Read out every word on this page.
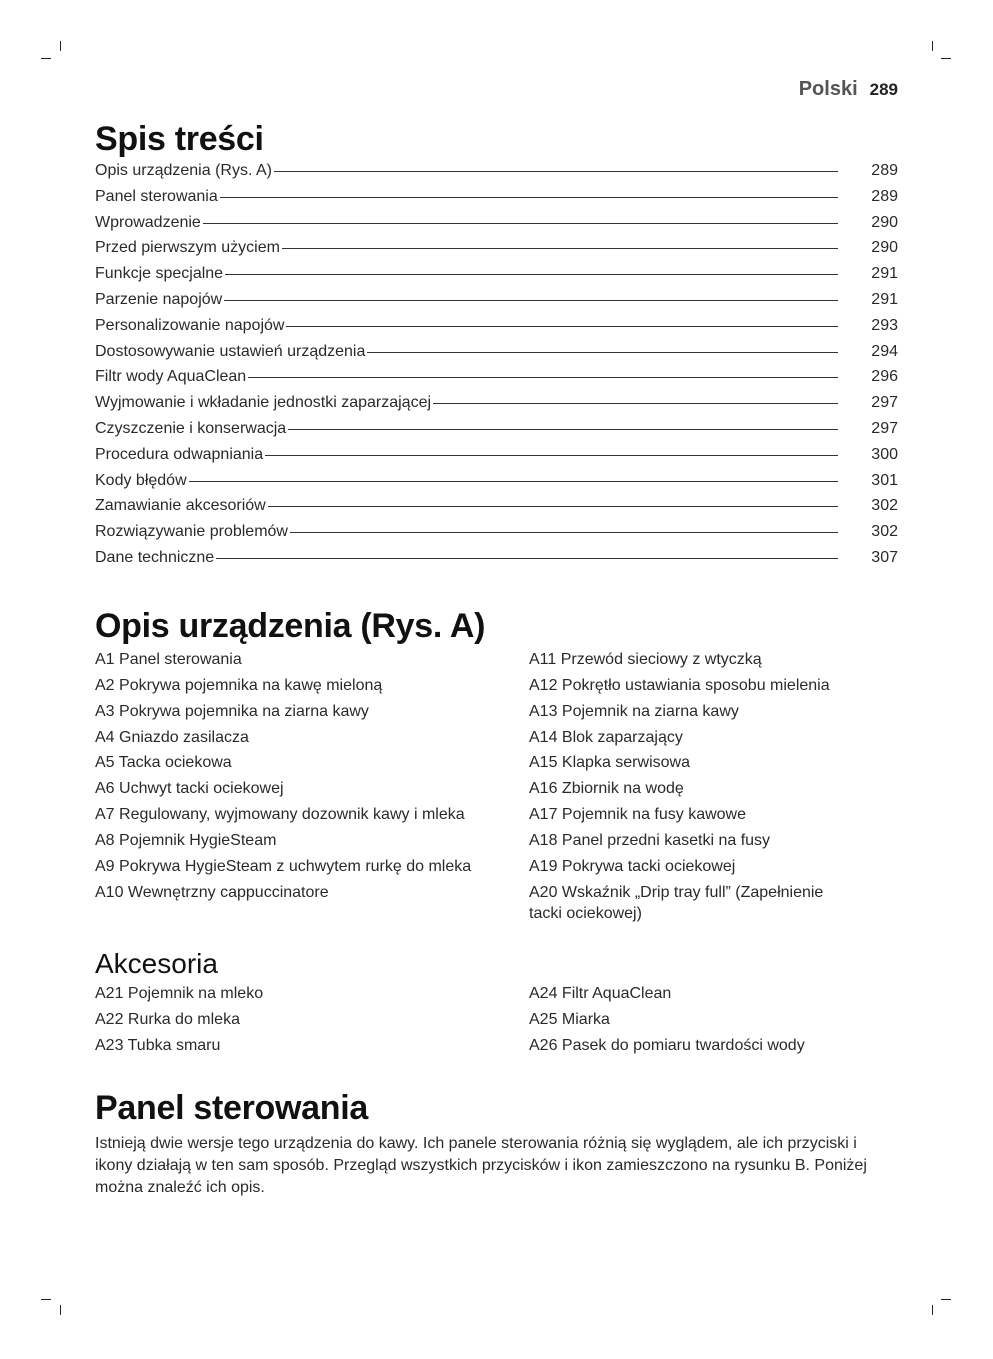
Polski 289
Spis treści
Opis urządzenia (Rys. A)	289
Panel sterowania	289
Wprowadzenie	290
Przed pierwszym użyciem	290
Funkcje specjalne	291
Parzenie napojów	291
Personalizowanie napojów	293
Dostosowywanie ustawień urządzenia	294
Filtr wody AquaClean	296
Wyjmowanie i wkładanie jednostki zaparzającej	297
Czyszczenie i konserwacja	297
Procedura odwapniania	300
Kody błędów	301
Zamawianie akcesoriów	302
Rozwiązywanie problemów	302
Dane techniczne	307
Opis urządzenia (Rys. A)

A1 Panel sterowania

A2 Pokrywa pojemnika na kawę mieloną

A3 Pokrywa pojemnika na ziarna kawy

A4 Gniazdo zasilacza

A5 Tacka ociekowa

A6 Uchwyt tacki ociekowej

A7 Regulowany, wyjmowany dozownik kawy i mleka

A8 Pojemnik HygieSteam

A9 Pokrywa HygieSteam z uchwytem rurkę do mleka

A10 Wewnętrzny cappuccinatore

A11 Przewód sieciowy z wtyczką

A12 Pokrętło ustawiania sposobu mielenia

A13 Pojemnik na ziarna kawy

A14 Blok zaparzający

A15 Klapka serwisowa

A16 Zbiornik na wodę

A17 Pojemnik na fusy kawowe

A18 Panel przedni kasetki na fusy

A19 Pokrywa tacki ociekowej

A20 Wskaźnik „Drip tray full” (Zapełnienie tacki ociekowej)

Akcesoria

A21 Pojemnik na mleko

A22 Rurka do mleka

A23 Tubka smaru

A24 Filtr AquaClean

A25 Miarka

A26 Pasek do pomiaru twardości wody

Panel sterowania

Istnieją dwie wersje tego urządzenia do kawy. Ich panele sterowania różnią się wyglądem, ale ich przyciski i ikony działają w ten sam sposób. Przegląd wszystkich przycisków i ikon zamieszczono na rysunku B. Poniżej można znaleźć ich opis.
